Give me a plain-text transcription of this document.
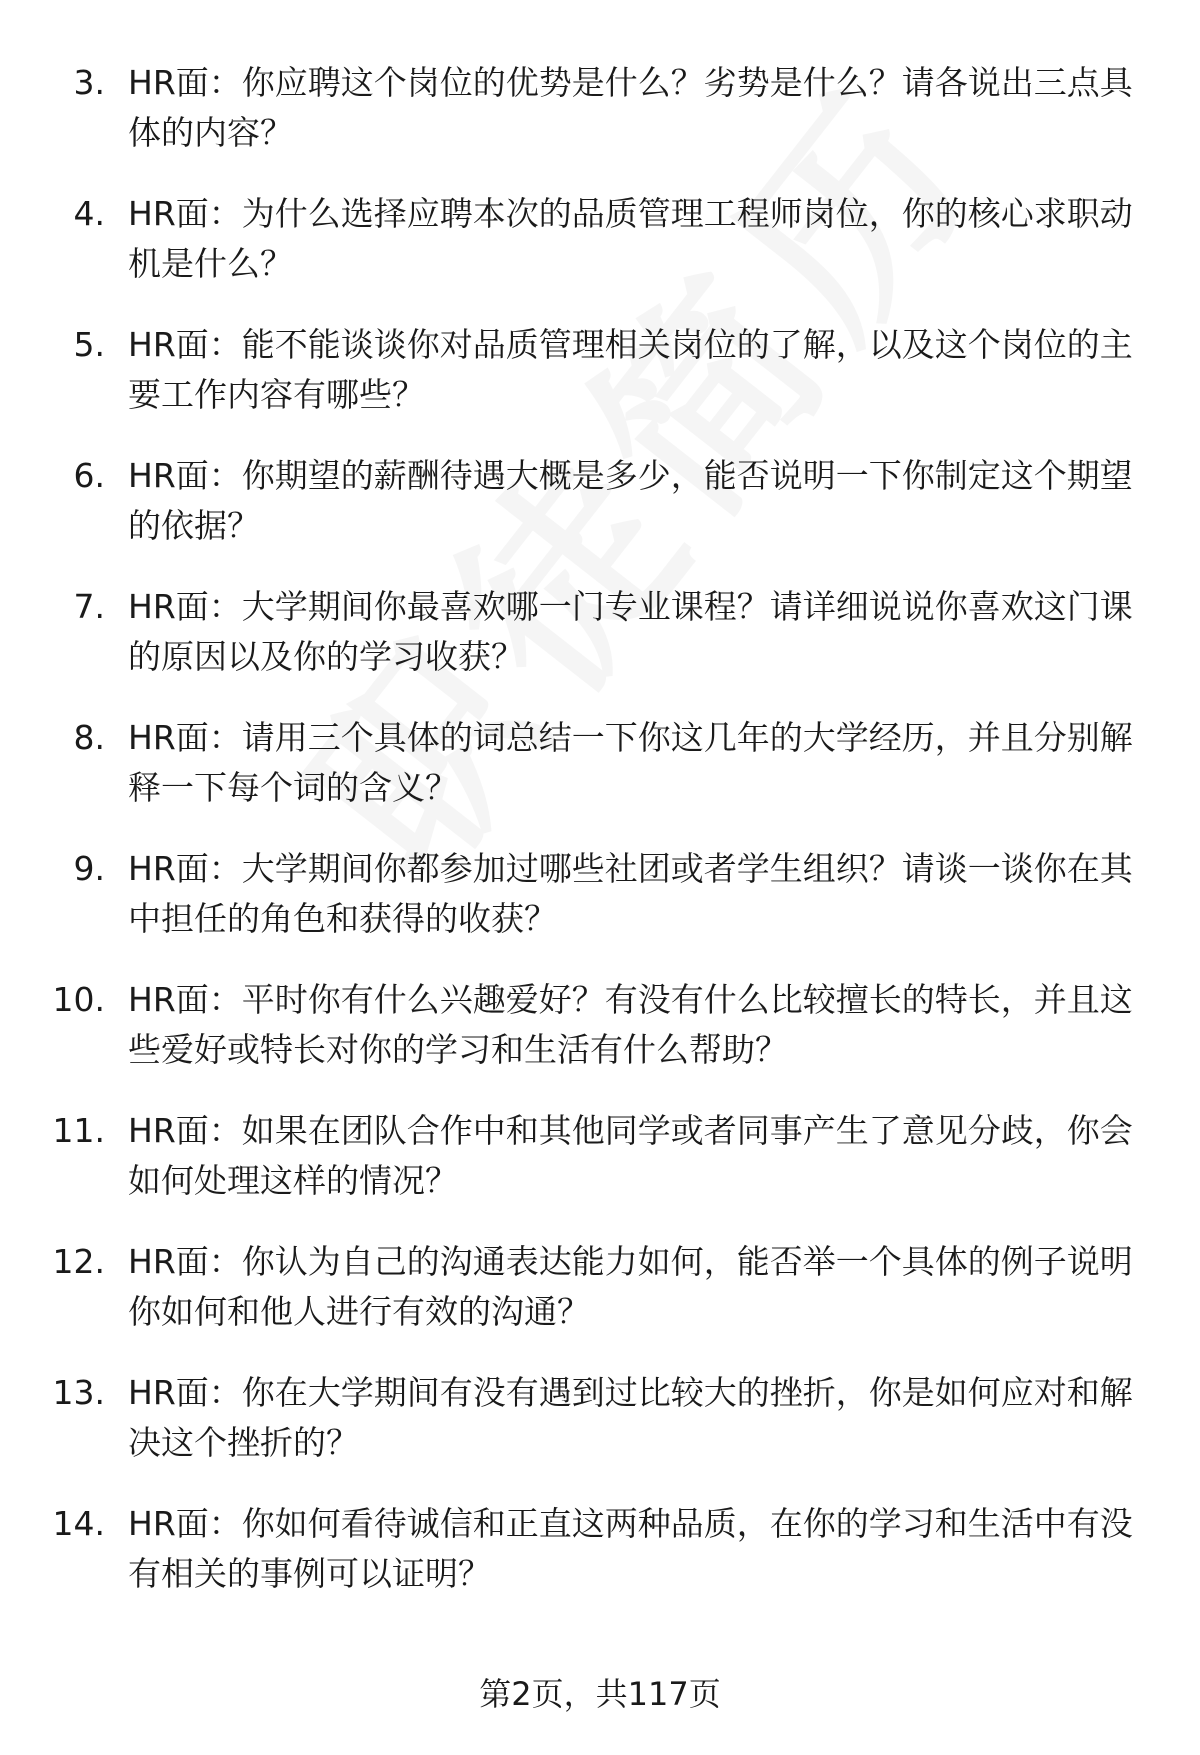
3. HR面：你应聘这个岗位的优势是什么？劣势是什么？请各说出三点具体的内容？
4. HR面：为什么选择应聘本次的品质管理工程师岗位，你的核心求职动机是什么？
5. HR面：能不能谈谈你对品质管理相关岗位的了解，以及这个岗位的主要工作内容有哪些？
6. HR面：你期望的薪酬待遇大概是多少，能否说明一下你制定这个期望的依据？
7. HR面：大学期间你最喜欢哪一门专业课程？请详细说说你喜欢这门课的原因以及你的学习收获？
8. HR面：请用三个具体的词总结一下你这几年的大学经历，并且分别解释一下每个词的含义？
9. HR面：大学期间你都参加过哪些社团或者学生组织？请谈一谈你在其中担任的角色和获得的收获？
10. HR面：平时你有什么兴趣爱好？有没有什么比较擅长的特长，并且这些爱好或特长对你的学习和生活有什么帮助？
11. HR面：如果在团队合作中和其他同学或者同事产生了意见分歧，你会如何处理这样的情况？
12. HR面：你认为自己的沟通表达能力如何，能否举一个具体的例子说明你如何和他人进行有效的沟通？
13. HR面：你在大学期间有没有遇到过比较大的挫折，你是如何应对和解决这个挫折的？
14. HR面：你如何看待诚信和正直这两种品质，在你的学习和生活中有没有相关的事例可以证明？
第2页，共117页
